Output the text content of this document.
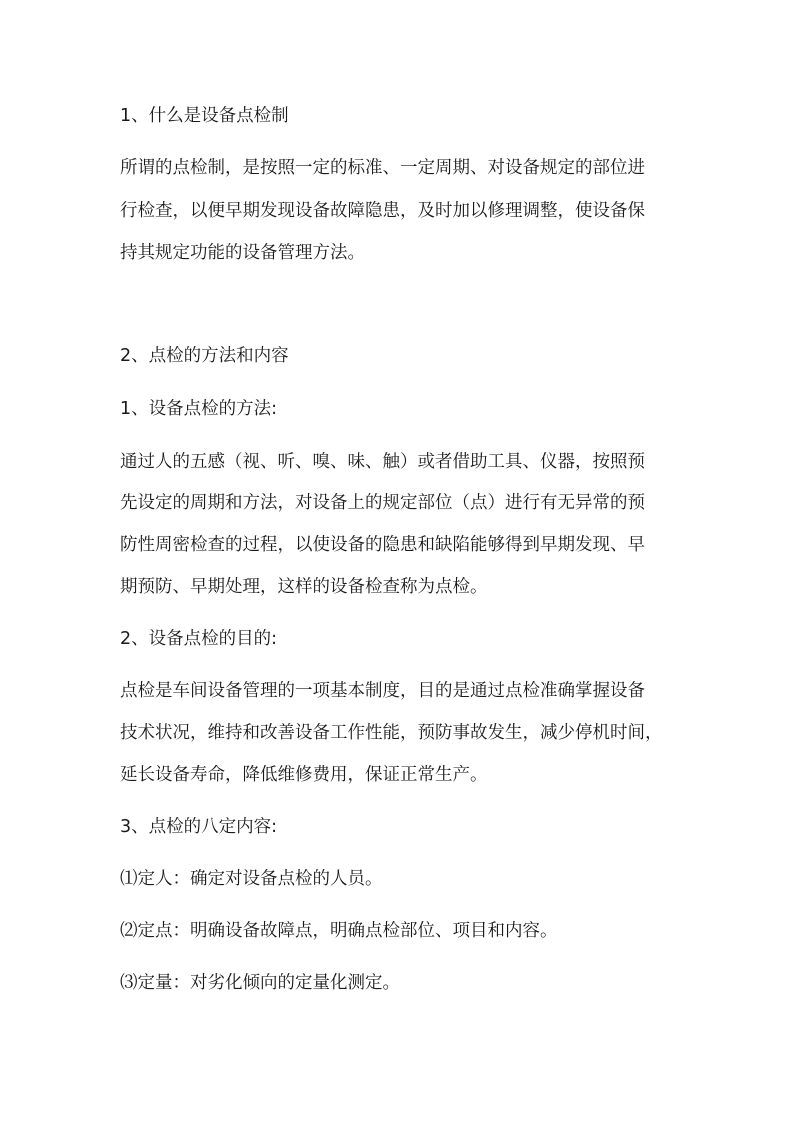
1、什么是设备点检制
所谓的点检制，是按照一定的标准、一定周期、对设备规定的部位进
行检查，以便早期发现设备故障隐患，及时加以修理调整，使设备保
持其规定功能的设备管理方法。
2、点检的方法和内容
1、设备点检的方法:
通过人的五感（视、听、嗅、味、触）或者借助工具、仪器，按照预
先设定的周期和方法，对设备上的规定部位（点）进行有无异常的预
防性周密检查的过程，以使设备的隐患和缺陷能够得到早期发现、早
期预防、早期处理，这样的设备检查称为点检。
2、设备点检的目的:
点检是车间设备管理的一项基本制度，目的是通过点检准确掌握设备
技术状况，维持和改善设备工作性能，预防事故发生，减少停机时间，
延长设备寿命，降低维修费用，保证正常生产。
3、点检的八定内容:
⑴定人：确定对设备点检的人员。
⑵定点：明确设备故障点，明确点检部位、项目和内容。
⑶定量：对劣化倾向的定量化测定。
